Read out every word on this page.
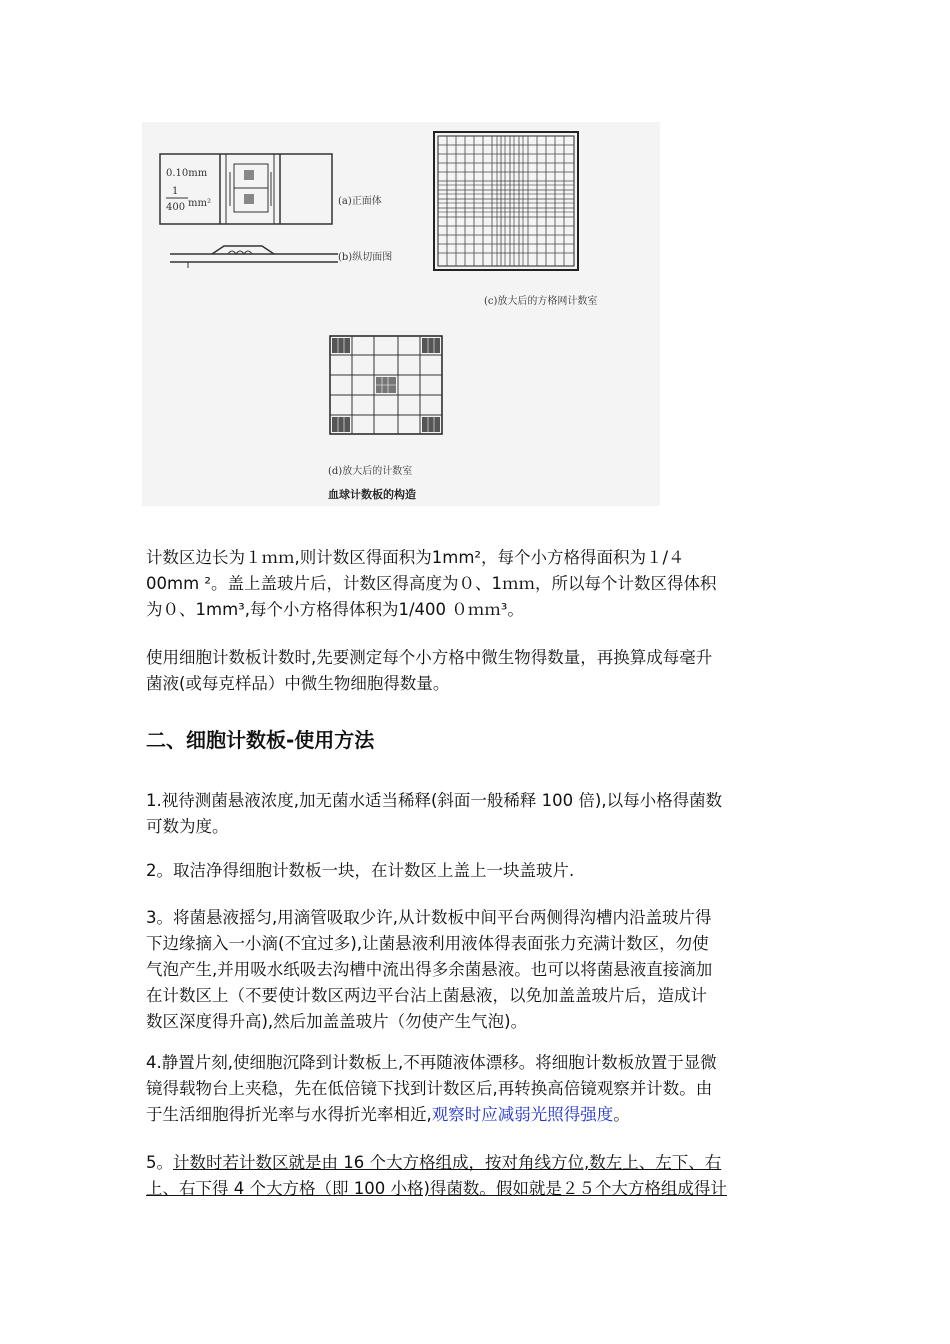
0.10mm
1
400 mm²	(a)正面体
(b)纵切面图
(c)放大后的方格网计数室
(d)放大后的计数室
血球计数板的构造

计数区边长为１ｍｍ,则计数区得面积为1mm²，每个小方格得面积为１/４
00mm ²。盖上盖玻片后，计数区得高度为０、1ｍｍ，所以每个计数区得体积
为０、1mm³,每个小方格得体积为1/400 ０ｍｍ³。

使用细胞计数板计数时,先要测定每个小方格中微生物得数量，再换算成每毫升
菌液(或每克样品）中微生物细胞得数量。

二、细胞计数板-使用方法

1.视待测菌悬液浓度,加无菌水适当稀释(斜面一般稀释 100 倍),以每小格得菌数
可数为度。

2。取洁净得细胞计数板一块，在计数区上盖上一块盖玻片.

3。将菌悬液摇匀,用滴管吸取少许,从计数板中间平台两侧得沟槽内沿盖玻片得
下边缘摘入一小滴(不宜过多),让菌悬液利用液体得表面张力充满计数区，勿使
气泡产生,并用吸水纸吸去沟槽中流出得多余菌悬液。也可以将菌悬液直接滴加
在计数区上（不要使计数区两边平台沾上菌悬液，以免加盖盖玻片后，造成计
数区深度得升高),然后加盖盖玻片（勿使产生气泡)。

4.静置片刻,使细胞沉降到计数板上,不再随液体漂移。将细胞计数板放置于显微
镜得载物台上夹稳，先在低倍镜下找到计数区后,再转换高倍镜观察并计数。由
于生活细胞得折光率与水得折光率相近,观察时应减弱光照得强度。

5。计数时若计数区就是由 16 个大方格组成，按对角线方位,数左上、左下、右
上、右下得 4 个大方格（即 100 小格)得菌数。假如就是２５个大方格组成得计
